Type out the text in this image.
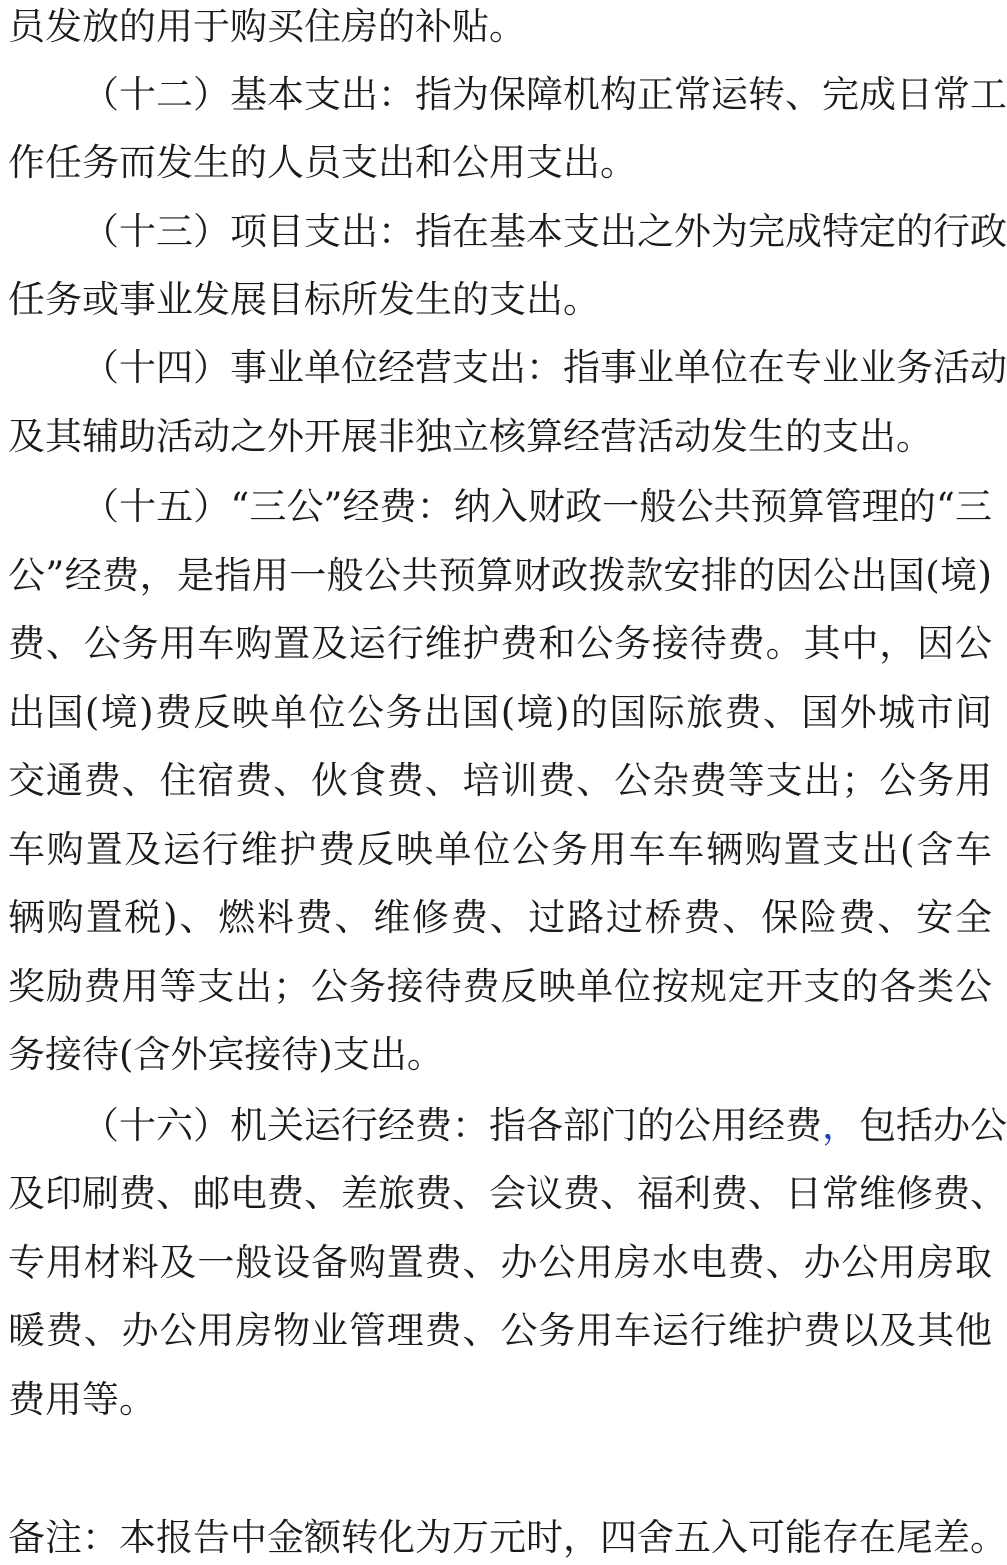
员发放的用于购买住房的补贴。
（十二）基本支出：指为保障机构正常运转、完成日常工
作任务而发生的人员支出和公用支出。
（十三）项目支出：指在基本支出之外为完成特定的行政
任务或事业发展目标所发生的支出。
（十四）事业单位经营支出：指事业单位在专业业务活动
及其辅助活动之外开展非独立核算经营活动发生的支出。
（十五）“三公”经费：纳入财政一般公共预算管理的“三
公”经费，是指用一般公共预算财政拨款安排的因公出国(境)
费、公务用车购置及运行维护费和公务接待费。其中，因公
出国(境)费反映单位公务出国(境)的国际旅费、国外城市间
交通费、住宿费、伙食费、培训费、公杂费等支出；公务用
车购置及运行维护费反映单位公务用车车辆购置支出(含车
辆购置税)、燃料费、维修费、过路过桥费、保险费、安全
奖励费用等支出；公务接待费反映单位按规定开支的各类公
务接待(含外宾接待)支出。
（十六）机关运行经费：指各部门的公用经费，包括办公
及印刷费、邮电费、差旅费、会议费、福利费、日常维修费、
专用材料及一般设备购置费、办公用房水电费、办公用房取
暖费、办公用房物业管理费、公务用车运行维护费以及其他
费用等。
备注：本报告中金额转化为万元时，四舍五入可能存在尾差。
